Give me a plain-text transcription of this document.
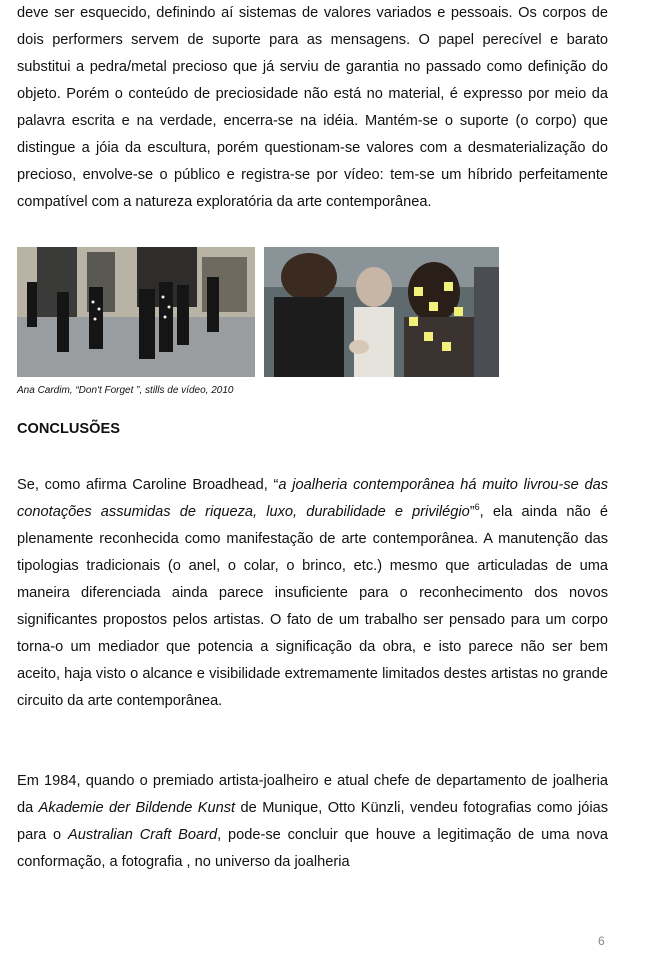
deve ser esquecido, definindo aí sistemas de valores variados e pessoais. Os corpos de dois performers servem de suporte para as mensagens. O papel perecível e barato substitui a pedra/metal precioso que já serviu de garantia no passado como definição do objeto. Porém o conteúdo de preciosidade não está no material, é expresso por meio da palavra escrita e na verdade, encerra-se na idéia. Mantém-se o suporte (o corpo) que distingue a jóia da escultura, porém questionam-se valores com a desmaterialização do precioso, envolve-se o público e registra-se por vídeo: tem-se um híbrido perfeitamente compatível com a natureza exploratória da arte contemporânea.

Ana Cardim, “Don't Forget ”, stills de vídeo, 2010

CONCLUSÕES

Se, como afirma Caroline Broadhead, “a joalheria contemporânea há muito livrou-se das conotações assumidas de riqueza, luxo, durabilidade e privilégio”$^6$, ela ainda não é plenamente reconhecida como manifestação de arte contemporânea. A manutenção das tipologias tradicionais (o anel, o colar, o brinco, etc.) mesmo que articuladas de uma maneira diferenciada ainda parece insuficiente para o reconhecimento dos novos significantes propostos pelos artistas. O fato de um trabalho ser pensado para um corpo torna-o um mediador que potencia a significação da obra, e isto parece não ser bem aceito, haja visto o alcance e visibilidade extremamente limitados destes artistas no grande circuito da arte contemporânea.

Em 1984, quando o premiado artista-joalheiro e atual chefe de departamento de joalheria da Akademie der Bildende Kunst de Munique, Otto Künzli, vendeu fotografias como jóias para o Australian Craft Board, pode-se concluir que houve a legitimação de uma nova conformação, a fotografia , no universo da joalheria

6
